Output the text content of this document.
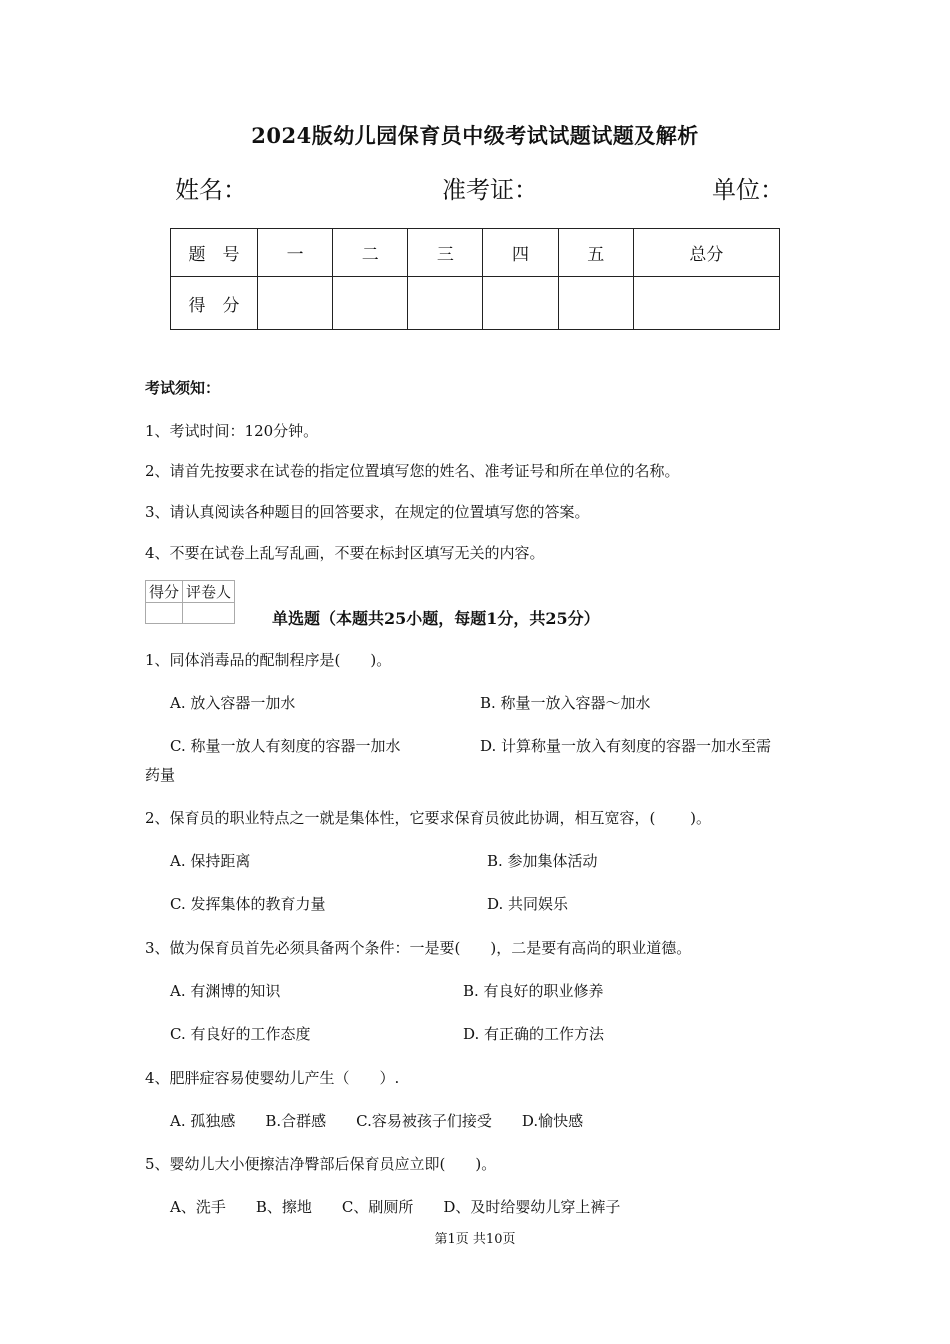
2024版幼儿园保育员中级考试试题试题及解析
姓名：	准考证：	单位：
题　号	一	二	三	四	五	总分
得　分						
考试须知：
1、考试时间：120分钟。
2、请首先按要求在试卷的指定位置填写您的姓名、准考证号和所在单位的名称。
3、请认真阅读各种题目的回答要求，在规定的位置填写您的答案。
4、不要在试卷上乱写乱画，不要在标封区填写无关的内容。
得分	评卷人

单选题（本题共25小题，每题1分，共25分）
1、同体消毒品的配制程序是(　　)。
A. 放入容器一加水	B. 称量一放入容器～加水
C. 称量一放人有刻度的容器一加水	D. 计算称量一放入有刻度的容器一加水至需
药量
2、保育员的职业特点之一就是集体性，它要求保育员彼此协调，相互宽容，(　　 )。
A. 保持距离	B. 参加集体活动
C. 发挥集体的教育力量	D. 共同娱乐
3、做为保育员首先必须具备两个条件：一是要(　　)，二是要有高尚的职业道德。
A. 有渊博的知识	B. 有良好的职业修养
C. 有良好的工作态度	D. 有正确的工作方法
4、肥胖症容易使婴幼儿产生（　　）.
A. 孤独感　　B.合群感　　C.容易被孩子们接受　　D.愉快感
5、婴幼儿大小便擦洁净臀部后保育员应立即(　　)。
A、洗手　　B、擦地　　C、刷厕所　　D、及时给婴幼儿穿上裤子
第1页 共10页
